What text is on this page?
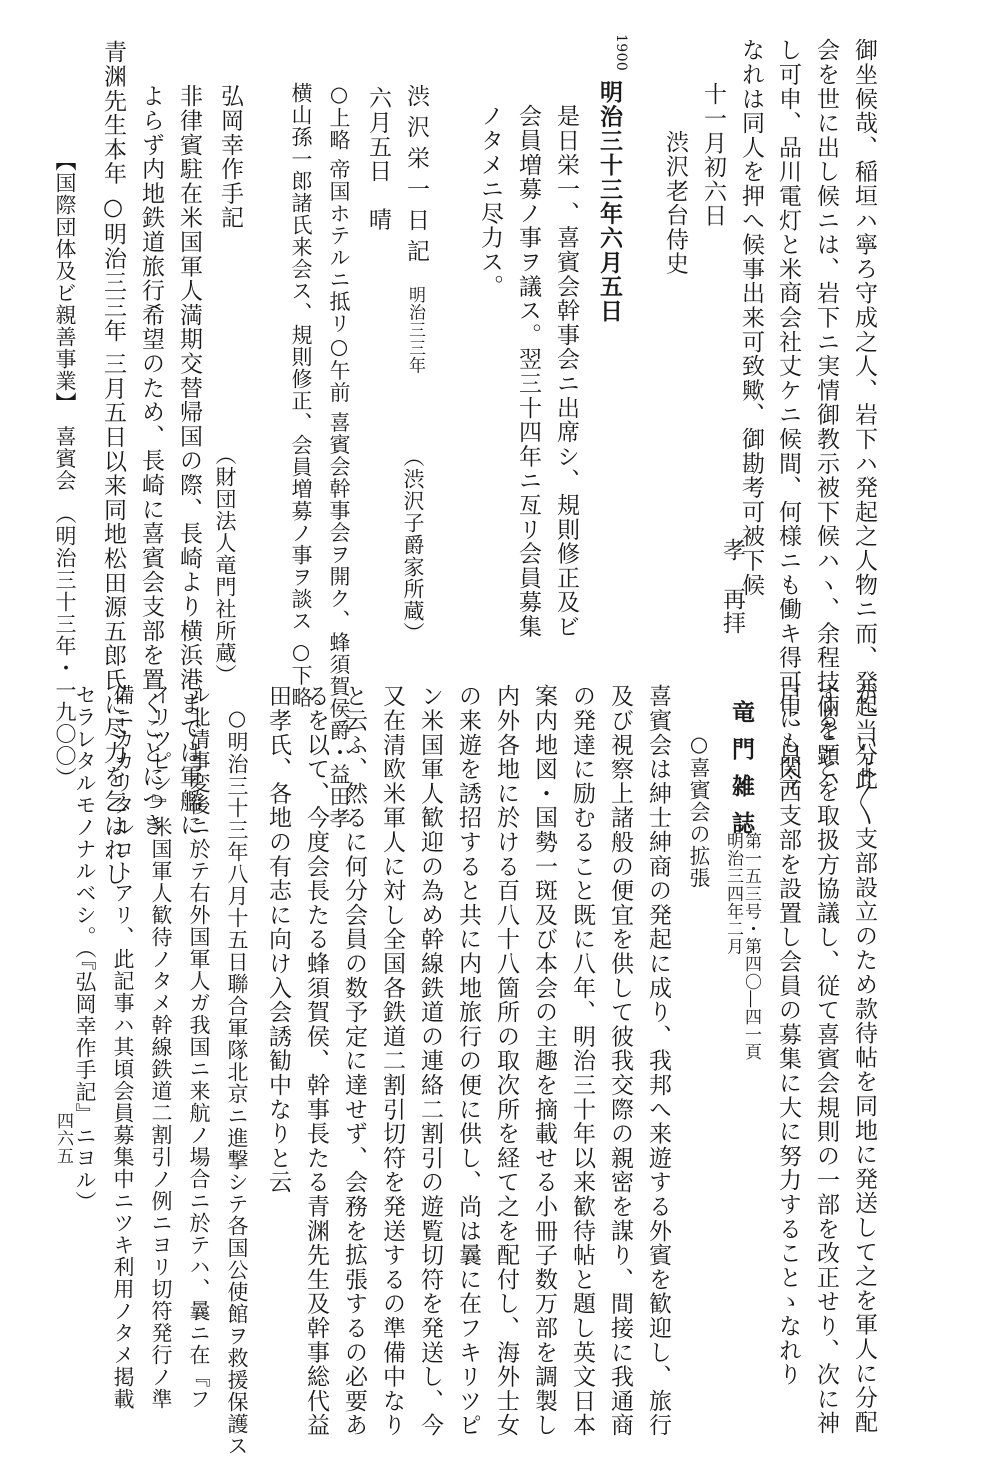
御坐候哉、稲垣ハ寧ろ守成之人、岩下ハ発起之人物ニ而、発起当分此
会を世に出し候ニは、岩下ニ実情御教示被下候ハヽ、余程技倆を顕ハ
し可申、品川電灯と米商会社丈ケニ候間、何様ニも働キ得可申、只今
なれは同人を押へ候事出来可致歟、御勘考可被下候
孝　再拝
十一月初六日
渋沢老台侍史
1900
明治三十三年六月五日
是日栄一、喜賓会幹事会ニ出席シ、規則修正及ビ
会員増募ノ事ヲ議ス。翌三十四年ニ亙リ会員募集
ノタメニ尽力ス。
渋沢栄一日記
明治三三年
（渋沢子爵家所蔵）
六月五日　晴
○上略 帝国ホテルニ抵リ○午前 喜賓会幹事会ヲ開ク、蜂須賀侯爵・益田孝
横山孫一郎諸氏来会ス、規則修正、会員増募ノ事ヲ談ス ○下略
弘岡幸作手記
（財団法人竜門社所蔵）
非律賓駐在米国軍人満期交替帰国の際、長崎より横浜港までは軍艦に
よらず内地鉄道旅行希望のため、長崎に喜賓会支部を置くことにつき
青渊先生本年 ○明治三三年 三月五日以来同地松田源五郎氏に尽力を乞はれし
【国際団体及ビ親善事業】　喜賓会　（明治三十三年・一九〇〇）
が、いよ〳〵支部設立のため款待帖を同地に発送して之を軍人に分配
することを取扱方協議し、従て喜賓会規則の一部を改正せり、次に神
戸にも関西支部を設置し会員の募集に大に努力することゝなれり
竜門雑誌
第一五三号・第四〇―四一頁
明治三四年二月
○喜賓会の拡張
喜賓会は紳士紳商の発起に成り、我邦へ来遊する外賓を歓迎し、旅行
及び視察上諸般の便宜を供して彼我交際の親密を謀り、間接に我通商
の発達に励むること既に八年、明治三十年以来歓待帖と題し英文日本
案内地図・国勢一斑及び本会の主趣を摘載せる小冊子数万部を調製し
内外各地に於ける百八十八箇所の取次所を経て之を配付し、海外士女
の来遊を誘招すると共に内地旅行の便に供し、尚は曩に在フキリツピ
ン米国軍人歓迎の為め幹線鉄道の連絡二割引の遊覧切符を発送し、今
又在清欧米軍人に対し全国各鉄道二割引切符を発送するの準備中なり
と云ふ、然るに何分会員の数予定に達せず、会務を拡張するの必要あ
るを以て、今度会長たる蜂須賀侯、幹事長たる青渊先生及幹事総代益
田孝氏、各地の有志に向け入会誘勧中なりと云
○明治三十三年八月十五日聯合軍隊北京ニ進撃シテ各国公使館ヲ救援保護ス
ル北清事変後ニ於テ右外国軍人ガ我国ニ来航ノ場合ニ於テハ、曩ニ在『フ
イリツピン』米国軍人歓待ノタメ幹線鉄道二割引ノ例ニヨリ切符発行ノ準
備ニカカリタルコトアリ、此記事ハ其頃会員募集中ニツキ利用ノタメ掲載
セラレタルモノナルベシ。（『弘岡幸作手記』ニヨル）
四六五
